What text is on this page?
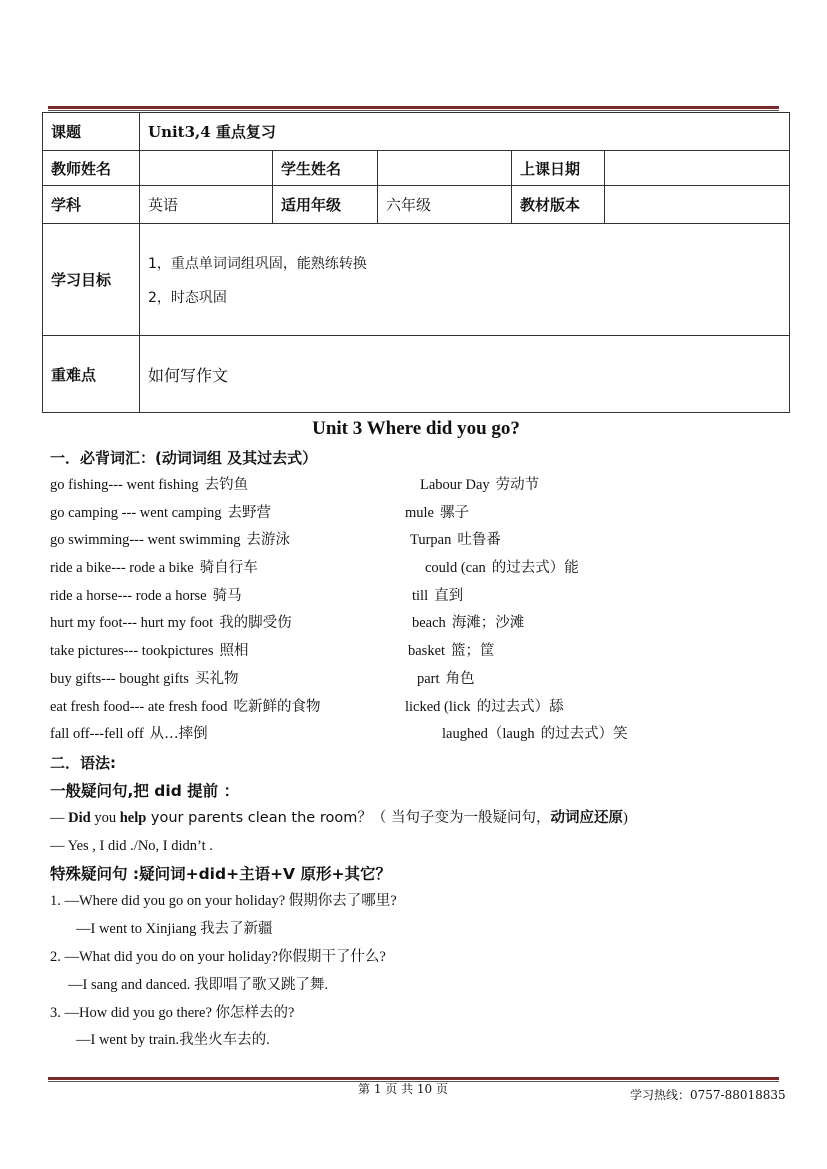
课题	Unit3,4 重点复习				
教师姓名		学生姓名		上课日期	
学科	英语	适用年级	六年级	教材版本	
学习目标	1，重点单词词组巩固，能熟练转换
2，时态巩固				

重难点	如何写作文				
Unit 3 Where did you go?
一．必背词汇：(动词词组 及其过去式）
go fishing--- went fishing 去钓鱼	Labour Day 劳动节
go camping --- went camping 去野营	mule 骡子
go swimming--- went swimming 去游泳	Turpan 吐鲁番
ride a bike--- rode a bike 骑自行车	could (can 的过去式）能
ride a horse--- rode a horse 骑马	till 直到
hurt my foot--- hurt my foot 我的脚受伤	beach 海滩；沙滩
take pictures--- tookpictures 照相	basket 篮；筐
buy gifts--- bought gifts 买礼物	part 角色
eat fresh food--- ate fresh food 吃新鲜的食物	licked (lick 的过去式）舔
fall off---fell off 从…摔倒	laughed（laugh 的过去式）笑
二．语法:
一般疑问句,把 did 提前 ：
— Did you help your parents clean the room？（ 当句子变为一般疑问句，动词应还原)
— Yes , I did ./No, I didn’t .
特殊疑问句 :疑问词+did+主语+V 原形+其它？
1. —Where did you go on your holiday? 假期你去了哪里?
—I went to Xinjiang 我去了新疆
2. —What did you do on your holiday?你假期干了什么?
—I sang and danced. 我即唱了歌又跳了舞.
3. —How did you go there? 你怎样去的?
—I went by train.我坐火车去的.
第 1 页 共 10 页	学习热线：0757-88018835
